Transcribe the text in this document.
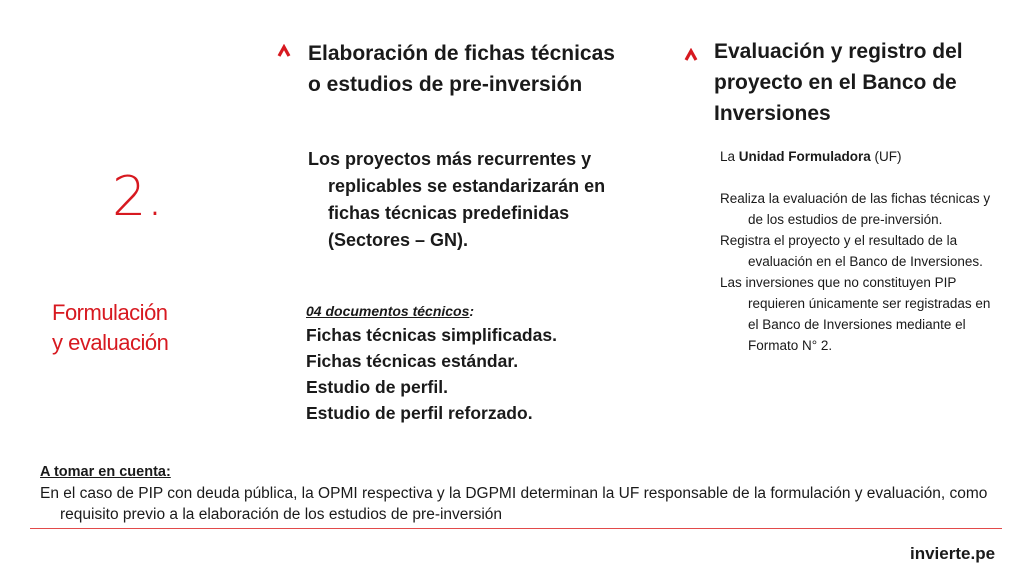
2.
Formulación
y evaluación
Elaboración de fichas técnicas o estudios de pre-inversión

Los proyectos más recurrentes y replicables se estandarizarán en fichas técnicas predefinidas (Sectores – GN).

04 documentos técnicos:
Fichas técnicas simplificadas.
Fichas técnicas estándar.
Estudio de perfil.
Estudio de perfil reforzado.
Evaluación y registro del proyecto en el Banco de Inversiones

La Unidad Formuladora (UF)

Realiza la evaluación de las fichas técnicas y de los estudios de pre-inversión.

Registra el proyecto y el resultado de la evaluación en el Banco de Inversiones.

Las inversiones que no constituyen PIP requieren únicamente ser registradas en el Banco de Inversiones mediante el Formato N° 2.

A tomar en cuenta:

En el caso de PIP con deuda pública, la OPMI respectiva y la DGPMI determinan la UF responsable de la formulación y evaluación, como requisito previo a la elaboración de los estudios de pre-inversión

invierte.pe
